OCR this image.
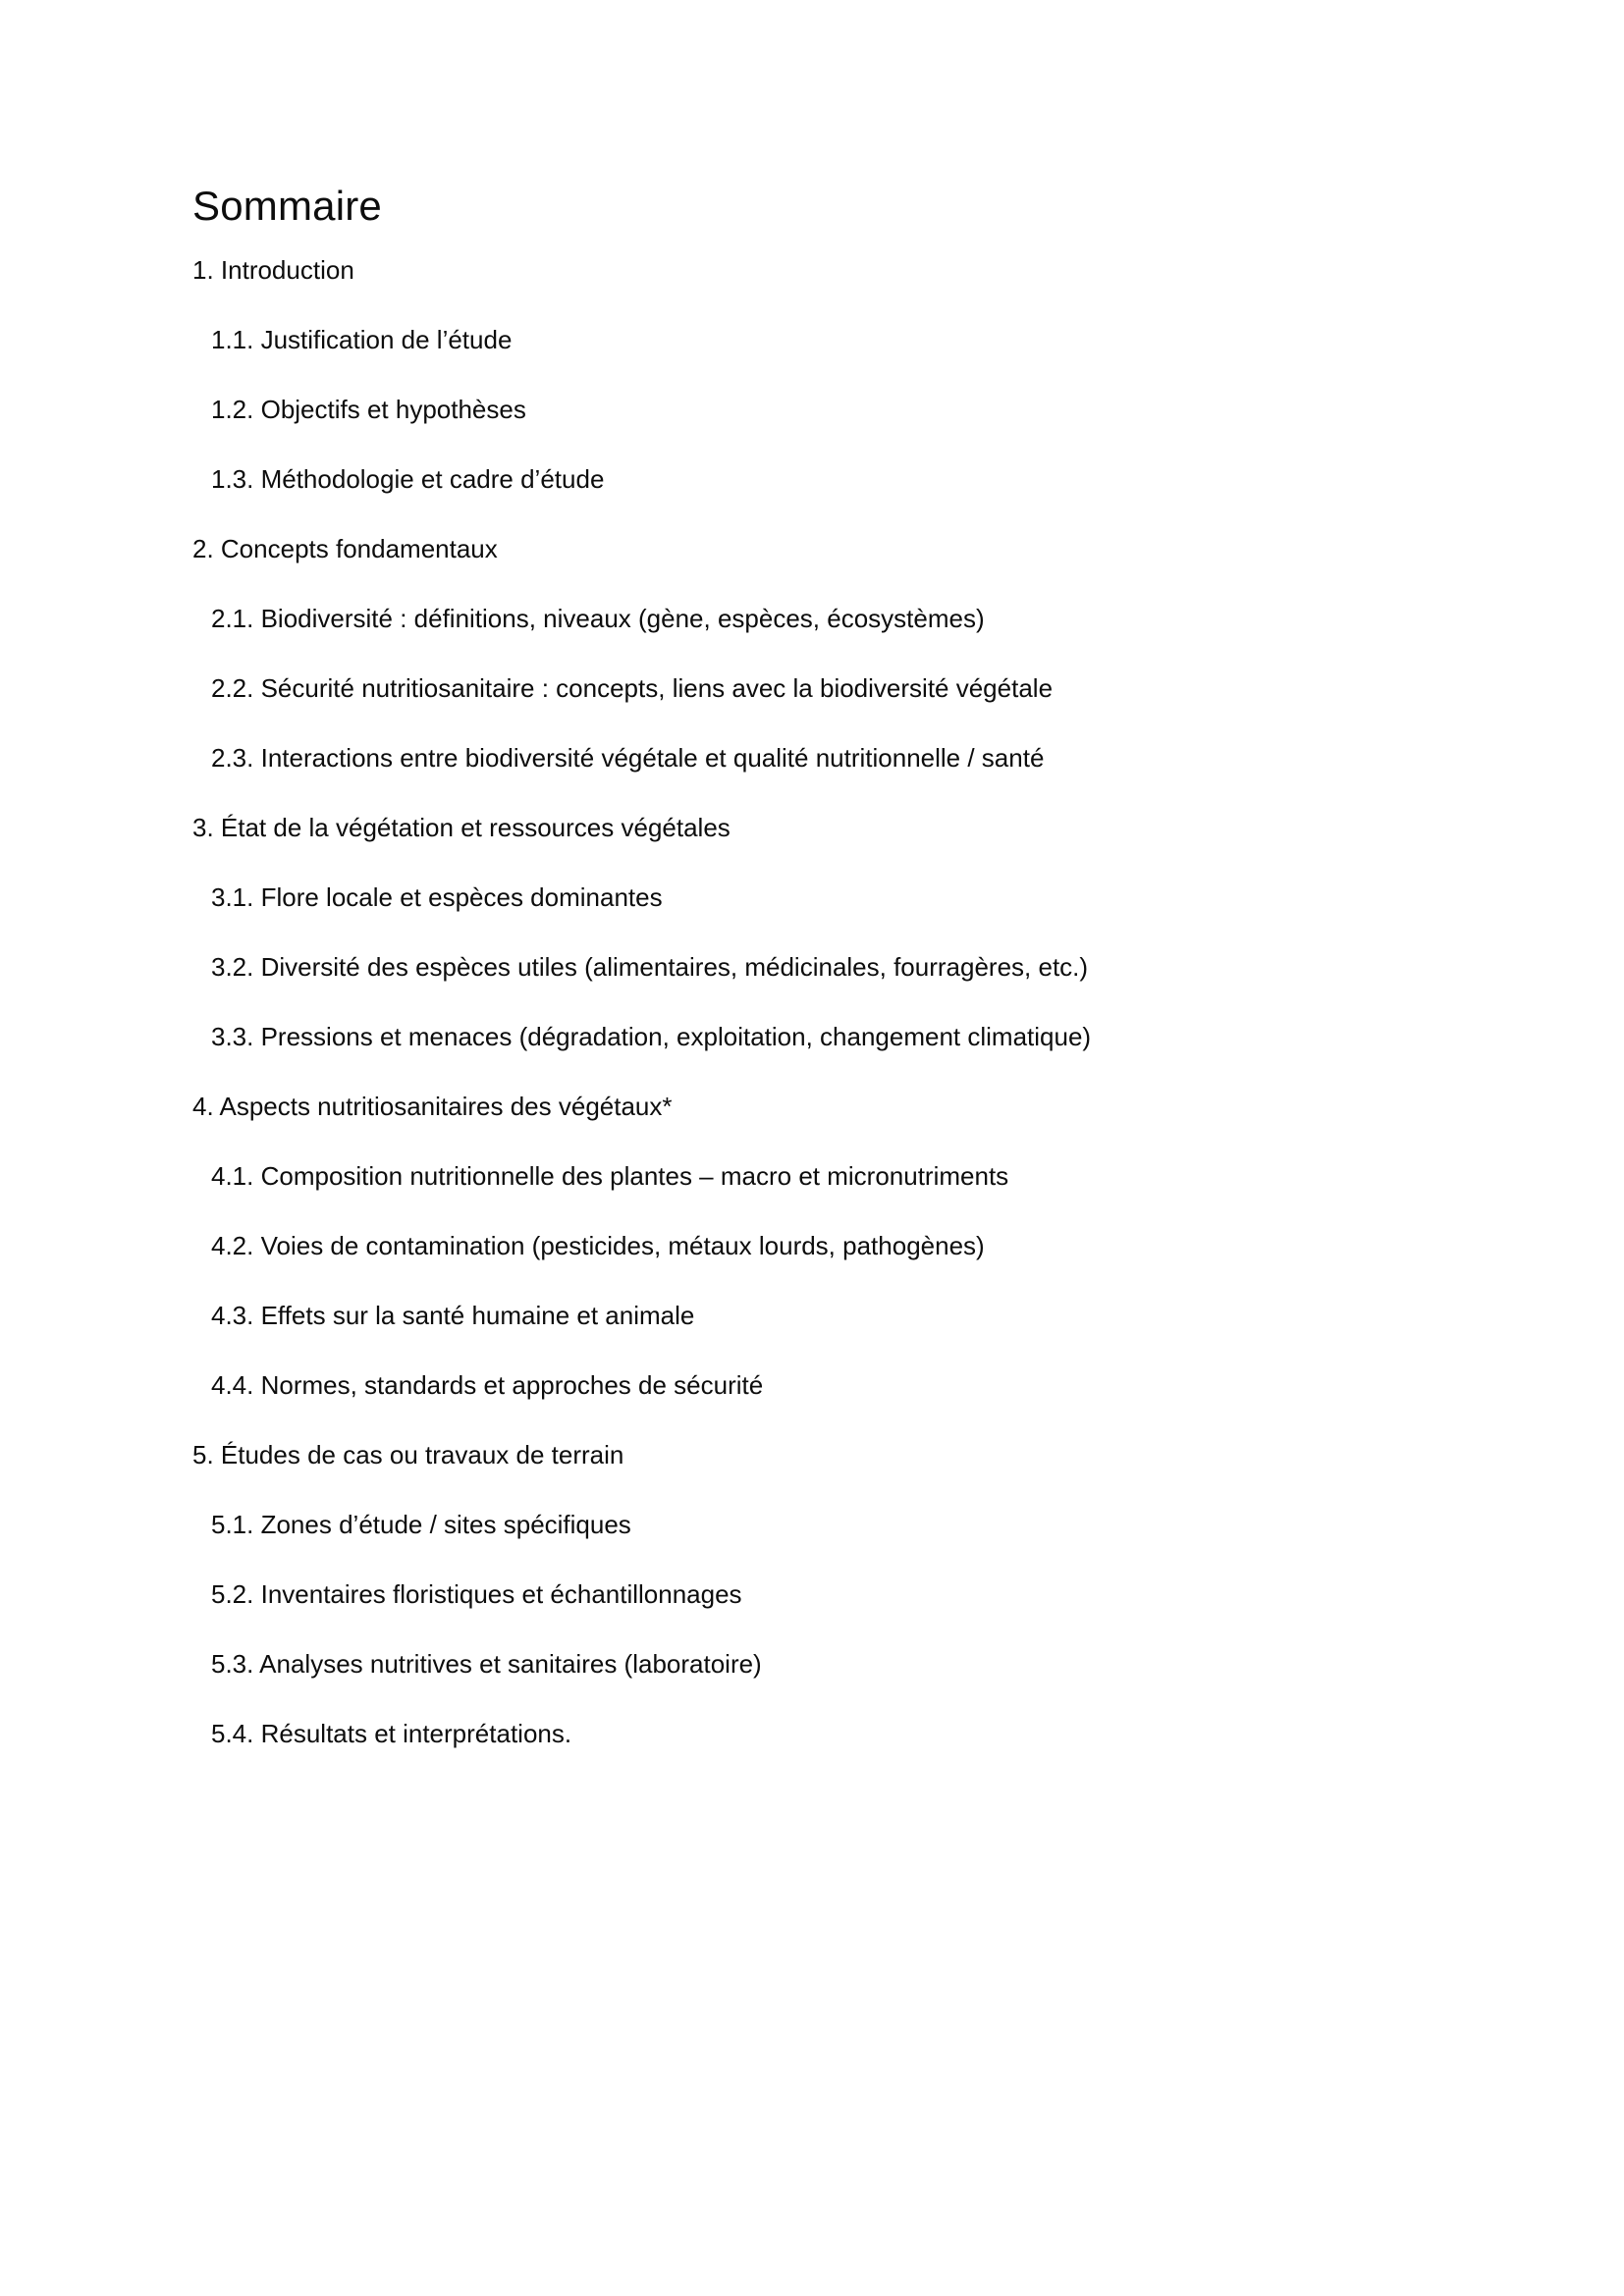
Sommaire
1. Introduction
1.1. Justification de l’étude
1.2. Objectifs et hypothèses
1.3. Méthodologie et cadre d’étude
2. Concepts fondamentaux
2.1. Biodiversité : définitions, niveaux (gène, espèces, écosystèmes)
2.2. Sécurité nutritiosanitaire : concepts, liens avec la biodiversité végétale
2.3. Interactions entre biodiversité végétale et qualité nutritionnelle / santé
3. État de la végétation et ressources végétales
3.1. Flore locale et espèces dominantes
3.2. Diversité des espèces utiles (alimentaires, médicinales, fourragères, etc.)
3.3. Pressions et menaces (dégradation, exploitation, changement climatique)
4. Aspects nutritiosanitaires des végétaux*
4.1. Composition nutritionnelle des plantes – macro et micronutriments
4.2. Voies de contamination (pesticides, métaux lourds, pathogènes)
4.3. Effets sur la santé humaine et animale
4.4. Normes, standards et approches de sécurité
5. Études de cas ou travaux de terrain
5.1. Zones d’étude / sites spécifiques
5.2. Inventaires floristiques et échantillonnages
5.3. Analyses nutritives et sanitaires (laboratoire)
5.4. Résultats et interprétations.
